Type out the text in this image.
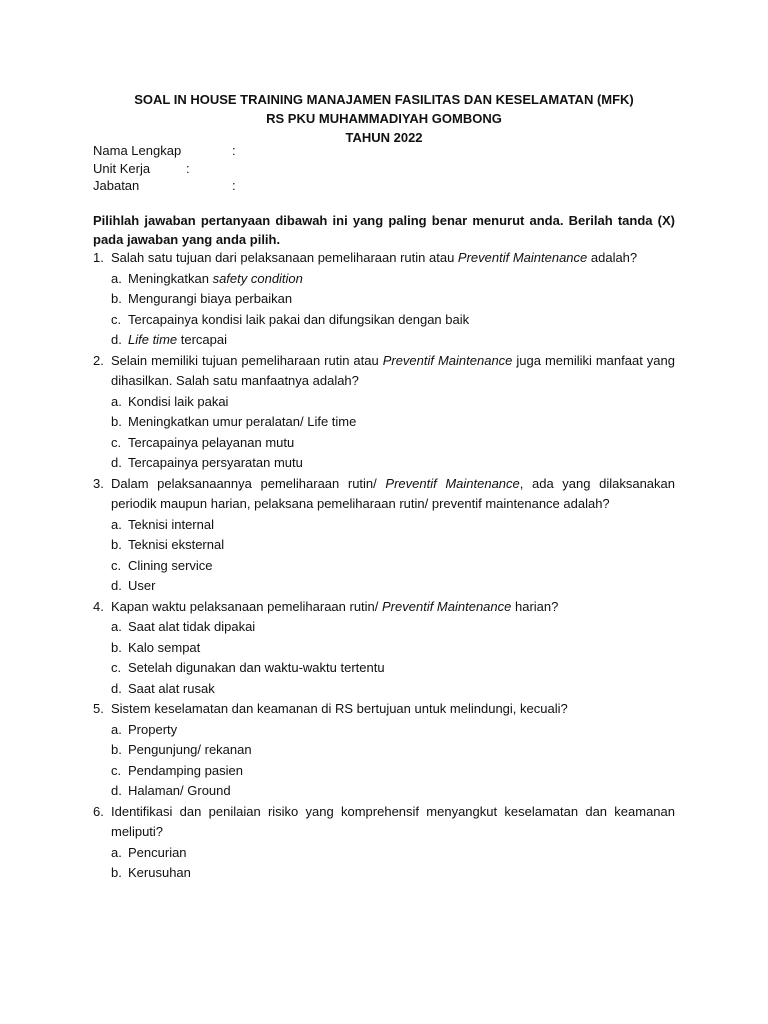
SOAL IN HOUSE TRAINING MANAJAMEN FASILITAS DAN KESELAMATAN (MFK)
RS PKU MUHAMMADIYAH GOMBONG
TAHUN 2022
Nama Lengkap	:
Unit Kerja	:
Jabatan	:
Pilihlah jawaban pertanyaan dibawah ini yang paling benar menurut anda. Berilah tanda (X) pada jawaban yang anda pilih.
1. Salah satu tujuan dari pelaksanaan pemeliharaan rutin atau Preventif Maintenance adalah?
a. Meningkatkan safety condition
b. Mengurangi biaya perbaikan
c. Tercapainya kondisi laik pakai dan difungsikan dengan baik
d. Life time tercapai
2. Selain memiliki tujuan pemeliharaan rutin atau Preventif Maintenance juga memiliki manfaat yang dihasilkan. Salah satu manfaatnya adalah?
a. Kondisi laik pakai
b. Meningkatkan umur peralatan/ Life time
c. Tercapainya pelayanan mutu
d. Tercapainya persyaratan mutu
3. Dalam pelaksanaannya pemeliharaan rutin/ Preventif Maintenance, ada yang dilaksanakan periodik maupun harian, pelaksana pemeliharaan rutin/ preventif maintenance adalah?
a. Teknisi internal
b. Teknisi eksternal
c. Clining service
d. User
4. Kapan waktu pelaksanaan pemeliharaan rutin/ Preventif Maintenance harian?
a. Saat alat tidak dipakai
b. Kalo sempat
c. Setelah digunakan dan waktu-waktu tertentu
d. Saat alat rusak
5. Sistem keselamatan dan keamanan di RS bertujuan untuk melindungi, kecuali?
a. Property
b. Pengunjung/ rekanan
c. Pendamping pasien
d. Halaman/ Ground
6. Identifikasi dan penilaian risiko yang komprehensif menyangkut keselamatan dan keamanan meliputi?
a. Pencurian
b. Kerusuhan
